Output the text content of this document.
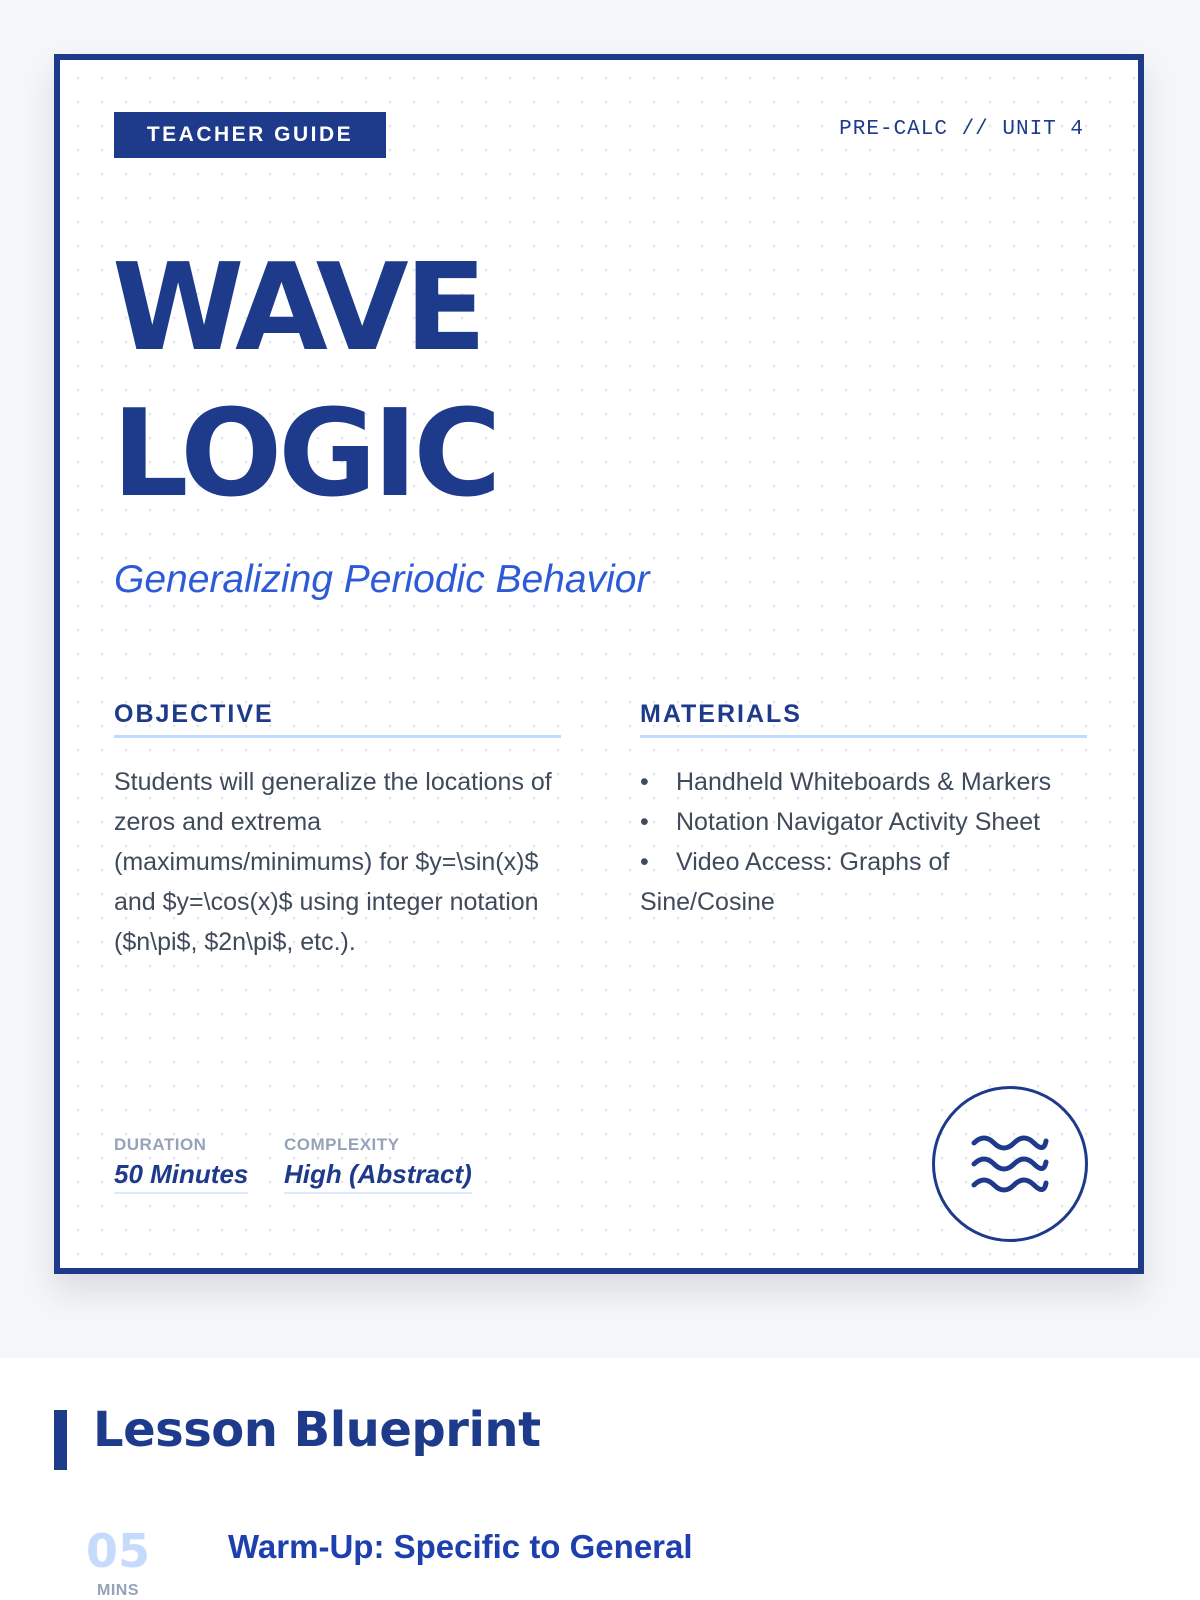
TEACHER GUIDE	PRE-CALC // UNIT 4
WAVE
LOGIC
Generalizing Periodic Behavior
OBJECTIVE

Students will generalize the locations of zeros and extrema (maximums/minimums) for $y=\sin(x)$ and $y=\cos(x)$ using integer notation ($n\pi$, $2n\pi$, etc.).

MATERIALS
• Handheld Whiteboards & Markers
• Notation Navigator Activity Sheet
• Video Access: Graphs of Sine/Cosine
DURATION
50 Minutes
COMPLEXITY
High (Abstract)
Lesson Blueprint
05
MINS
Warm-Up: Specific to General
